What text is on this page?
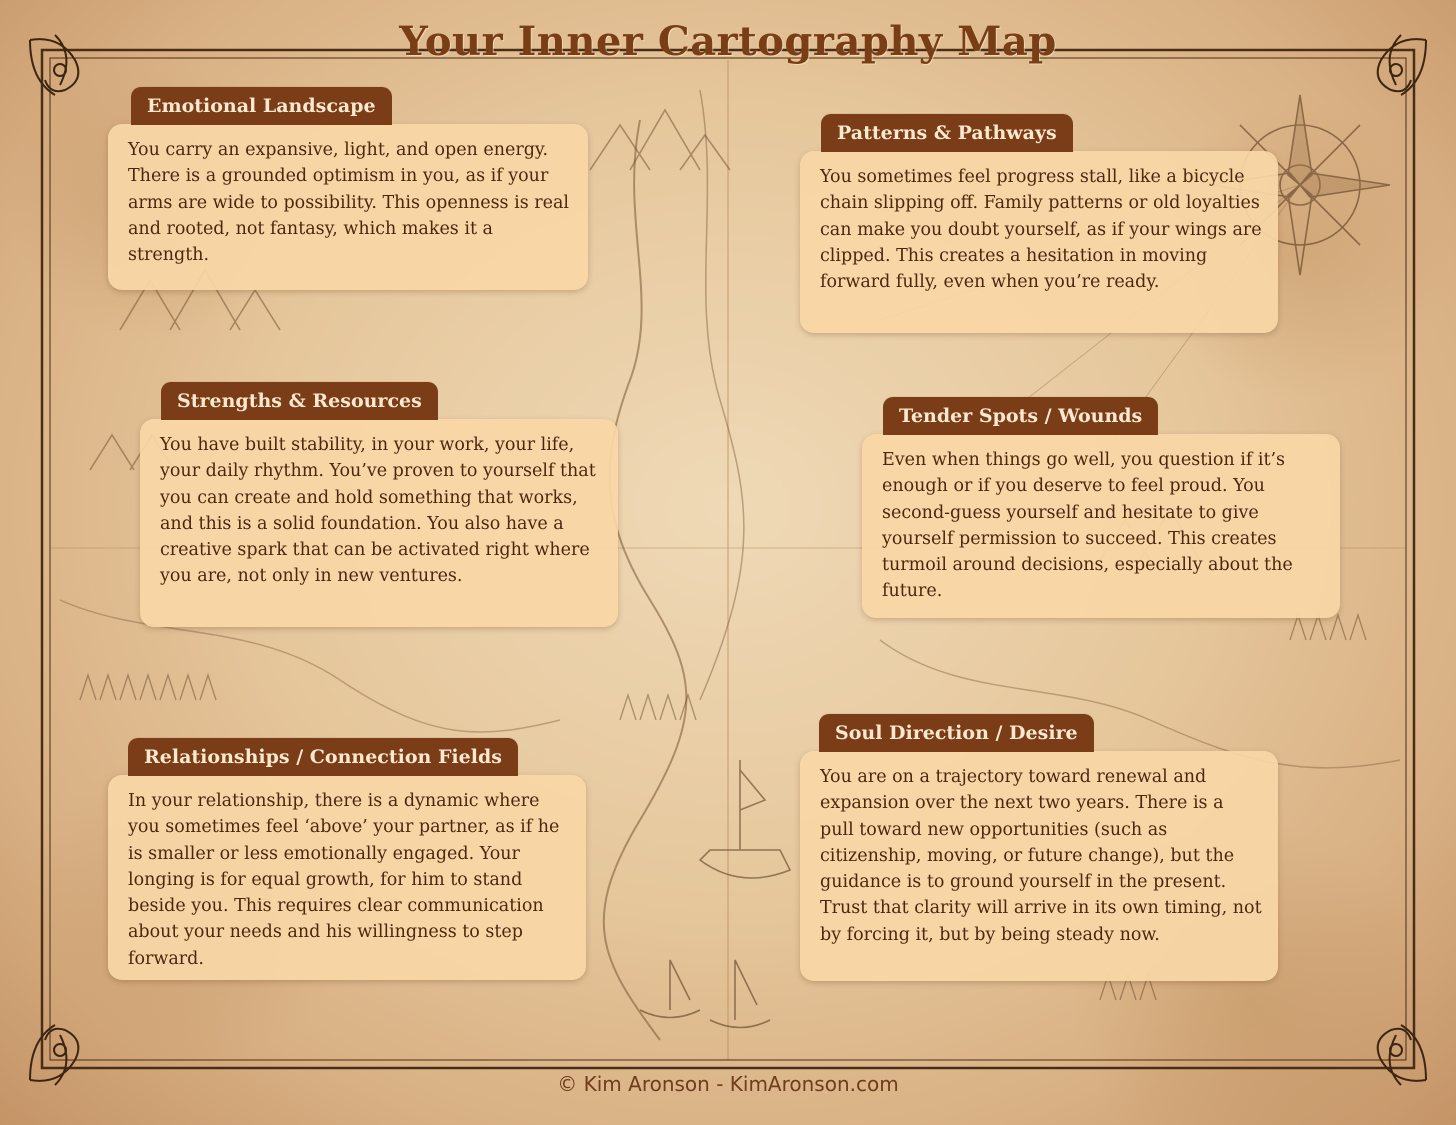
Your Inner Cartography Map
Emotional Landscape
You carry an expansive, light, and open energy. There is a grounded optimism in you, as if your arms are wide to possibility. This openness is real and rooted, not fantasy, which makes it a strength.
Strengths & Resources
You have built stability, in your work, your life, your daily rhythm. You’ve proven to yourself that you can create and hold something that works, and this is a solid foundation. You also have a creative spark that can be activated right where you are, not only in new ventures.
Relationships / Connection Fields
In your relationship, there is a dynamic where you sometimes feel ‘above’ your partner, as if he is smaller or less emotionally engaged. Your longing is for equal growth, for him to stand beside you. This requires clear communication about your needs and his willingness to step forward.
Patterns & Pathways
You sometimes feel progress stall, like a bicycle chain slipping off. Family patterns or old loyalties can make you doubt yourself, as if your wings are clipped. This creates a hesitation in moving forward fully, even when you’re ready.
Tender Spots / Wounds
Even when things go well, you question if it’s enough or if you deserve to feel proud. You second-guess yourself and hesitate to give yourself permission to succeed. This creates turmoil around decisions, especially about the future.
Soul Direction / Desire
You are on a trajectory toward renewal and expansion over the next two years. There is a pull toward new opportunities (such as citizenship, moving, or future change), but the guidance is to ground yourself in the present. Trust that clarity will arrive in its own timing, not by forcing it, but by being steady now.
© Kim Aronson - KimAronson.com
